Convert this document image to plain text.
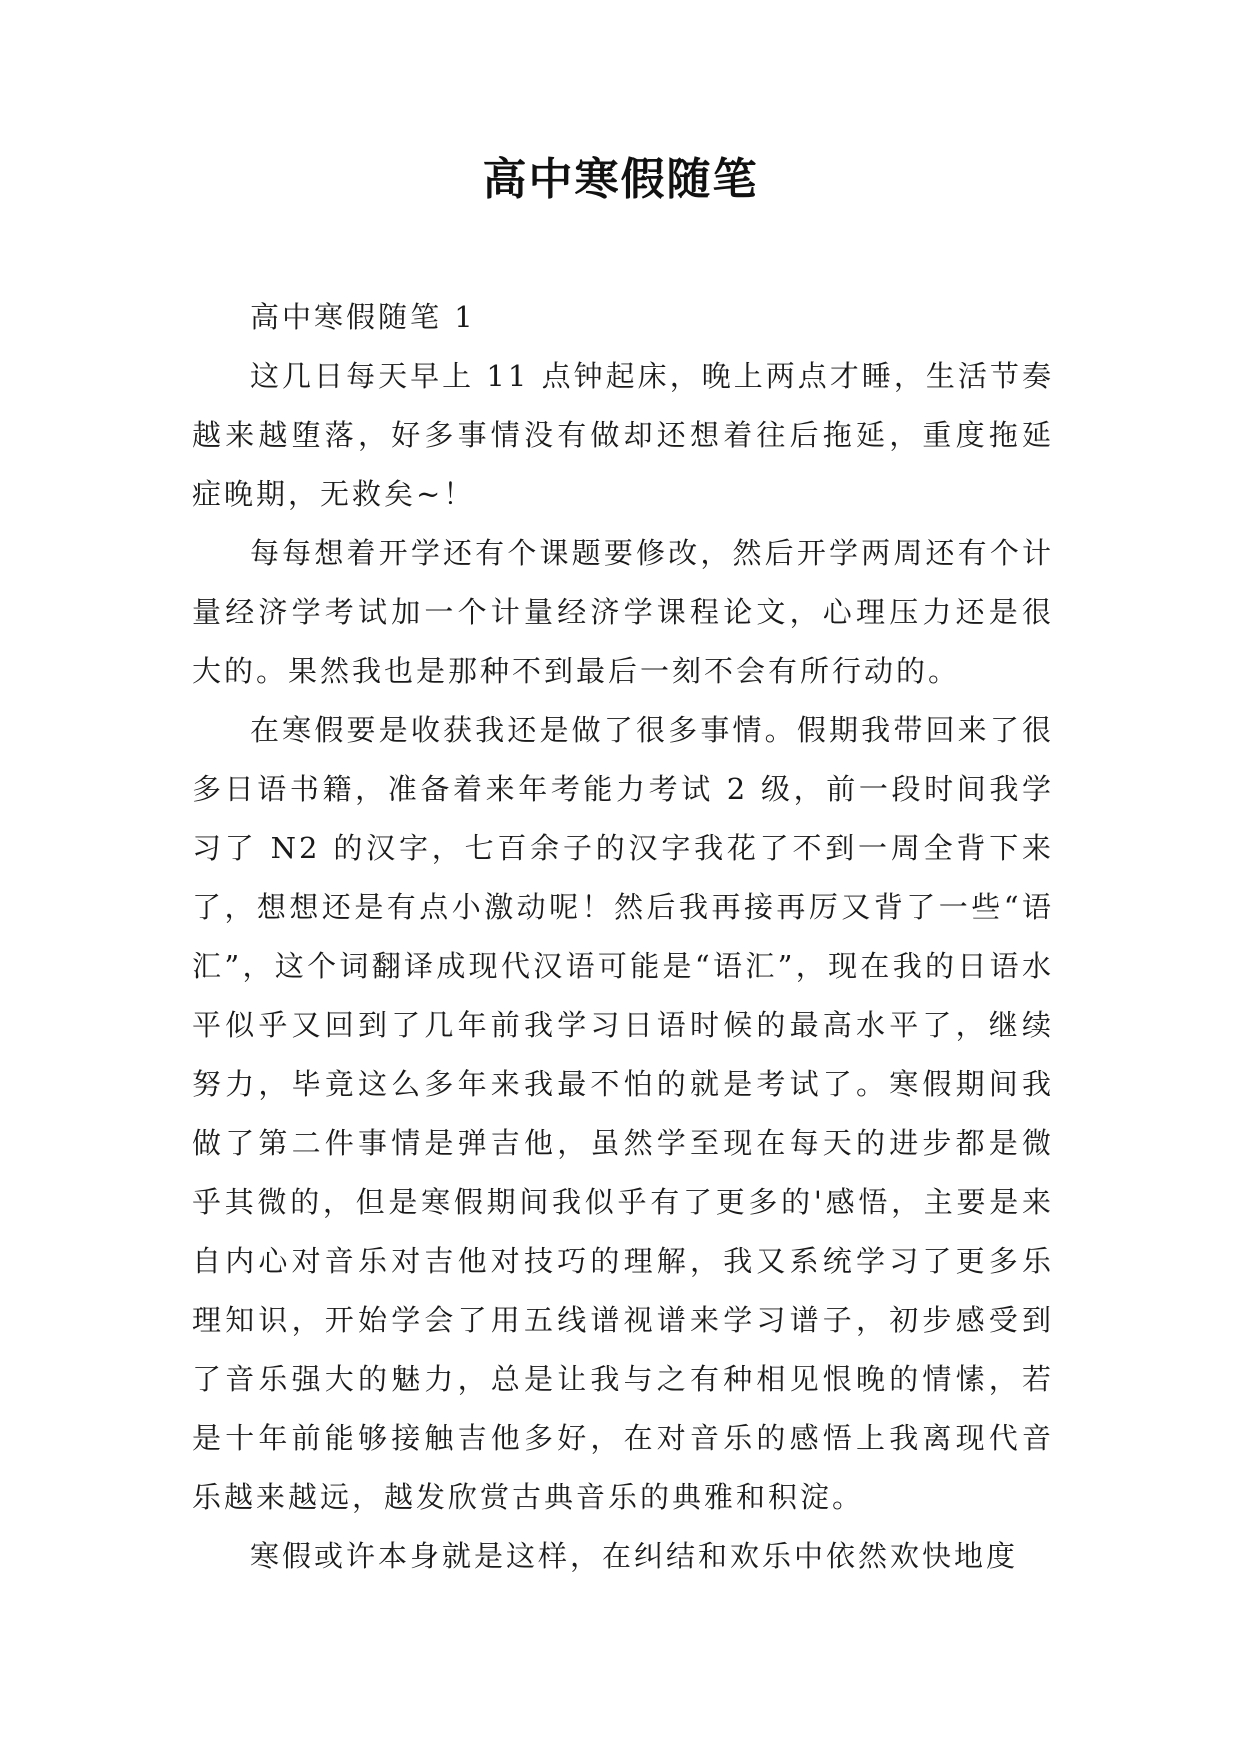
高中寒假随笔

高中寒假随笔 1

这几日每天早上 11 点钟起床，晚上两点才睡，生活节奏越来越堕落，好多事情没有做却还想着往后拖延，重度拖延症晚期，无救矣~！

每每想着开学还有个课题要修改，然后开学两周还有个计量经济学考试加一个计量经济学课程论文，心理压力还是很大的。果然我也是那种不到最后一刻不会有所行动的。

在寒假要是收获我还是做了很多事情。假期我带回来了很多日语书籍，准备着来年考能力考试 2 级，前一段时间我学习了 N2 的汉字，七百余子的汉字我花了不到一周全背下来了，想想还是有点小激动呢！然后我再接再厉又背了一些“语汇”，这个词翻译成现代汉语可能是“语汇”，现在我的日语水平似乎又回到了几年前我学习日语时候的最高水平了，继续努力，毕竟这么多年来我最不怕的就是考试了。寒假期间我做了第二件事情是弹吉他，虽然学至现在每天的进步都是微乎其微的，但是寒假期间我似乎有了更多的'感悟，主要是来自内心对音乐对吉他对技巧的理解，我又系统学习了更多乐理知识，开始学会了用五线谱视谱来学习谱子，初步感受到了音乐强大的魅力，总是让我与之有种相见恨晚的情愫，若是十年前能够接触吉他多好，在对音乐的感悟上我离现代音乐越来越远，越发欣赏古典音乐的典雅和积淀。

寒假或许本身就是这样，在纠结和欢乐中依然欢快地度
